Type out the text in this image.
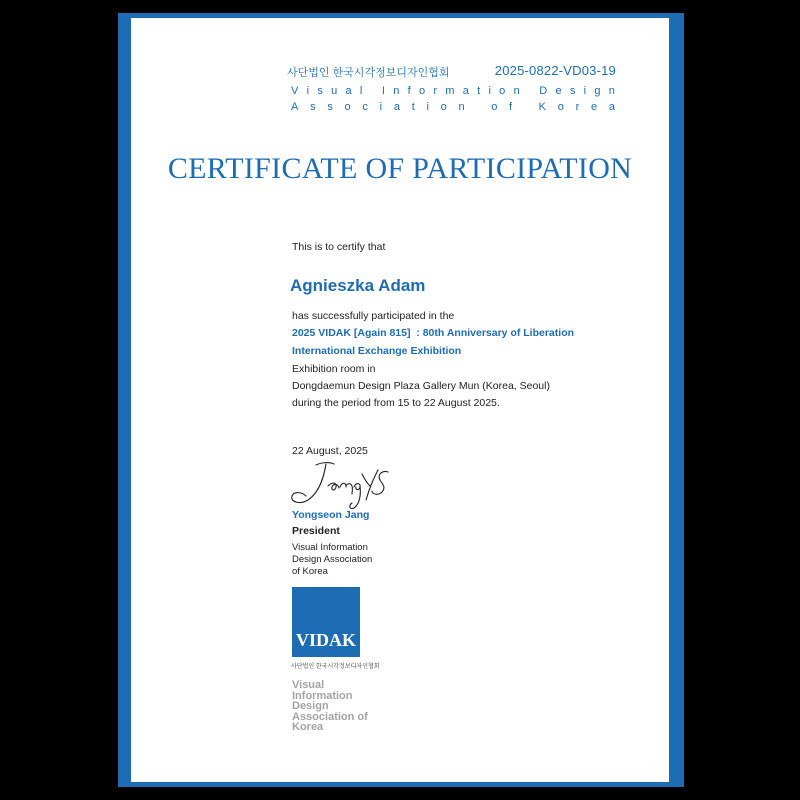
사단법인 한국시각정보디자인협회	2025-0822-VD03-19
V i s u a l
I n f o r m a t i o n
D e s i g n
A s s o c i a t i o n
o f
K o r e a
CERTIFICATE OF PARTICIPATION
This is to certify that
Agnieszka Adam
has successfully participated in the
2025 VIDAK [Again 815]  : 80th Anniversary of Liberation
International Exchange Exhibition
Exhibition room in
Dongdaemun Design Plaza Gallery Mun (Korea, Seoul)
during the period from 15 to 22 August 2025.
22 August, 2025
Yongseon Jang
President
Visual Information
Design Association
of Korea
VIDAK
사단법인 한국시각정보디자인협회
Visual
Information
Design
Association of
Korea
